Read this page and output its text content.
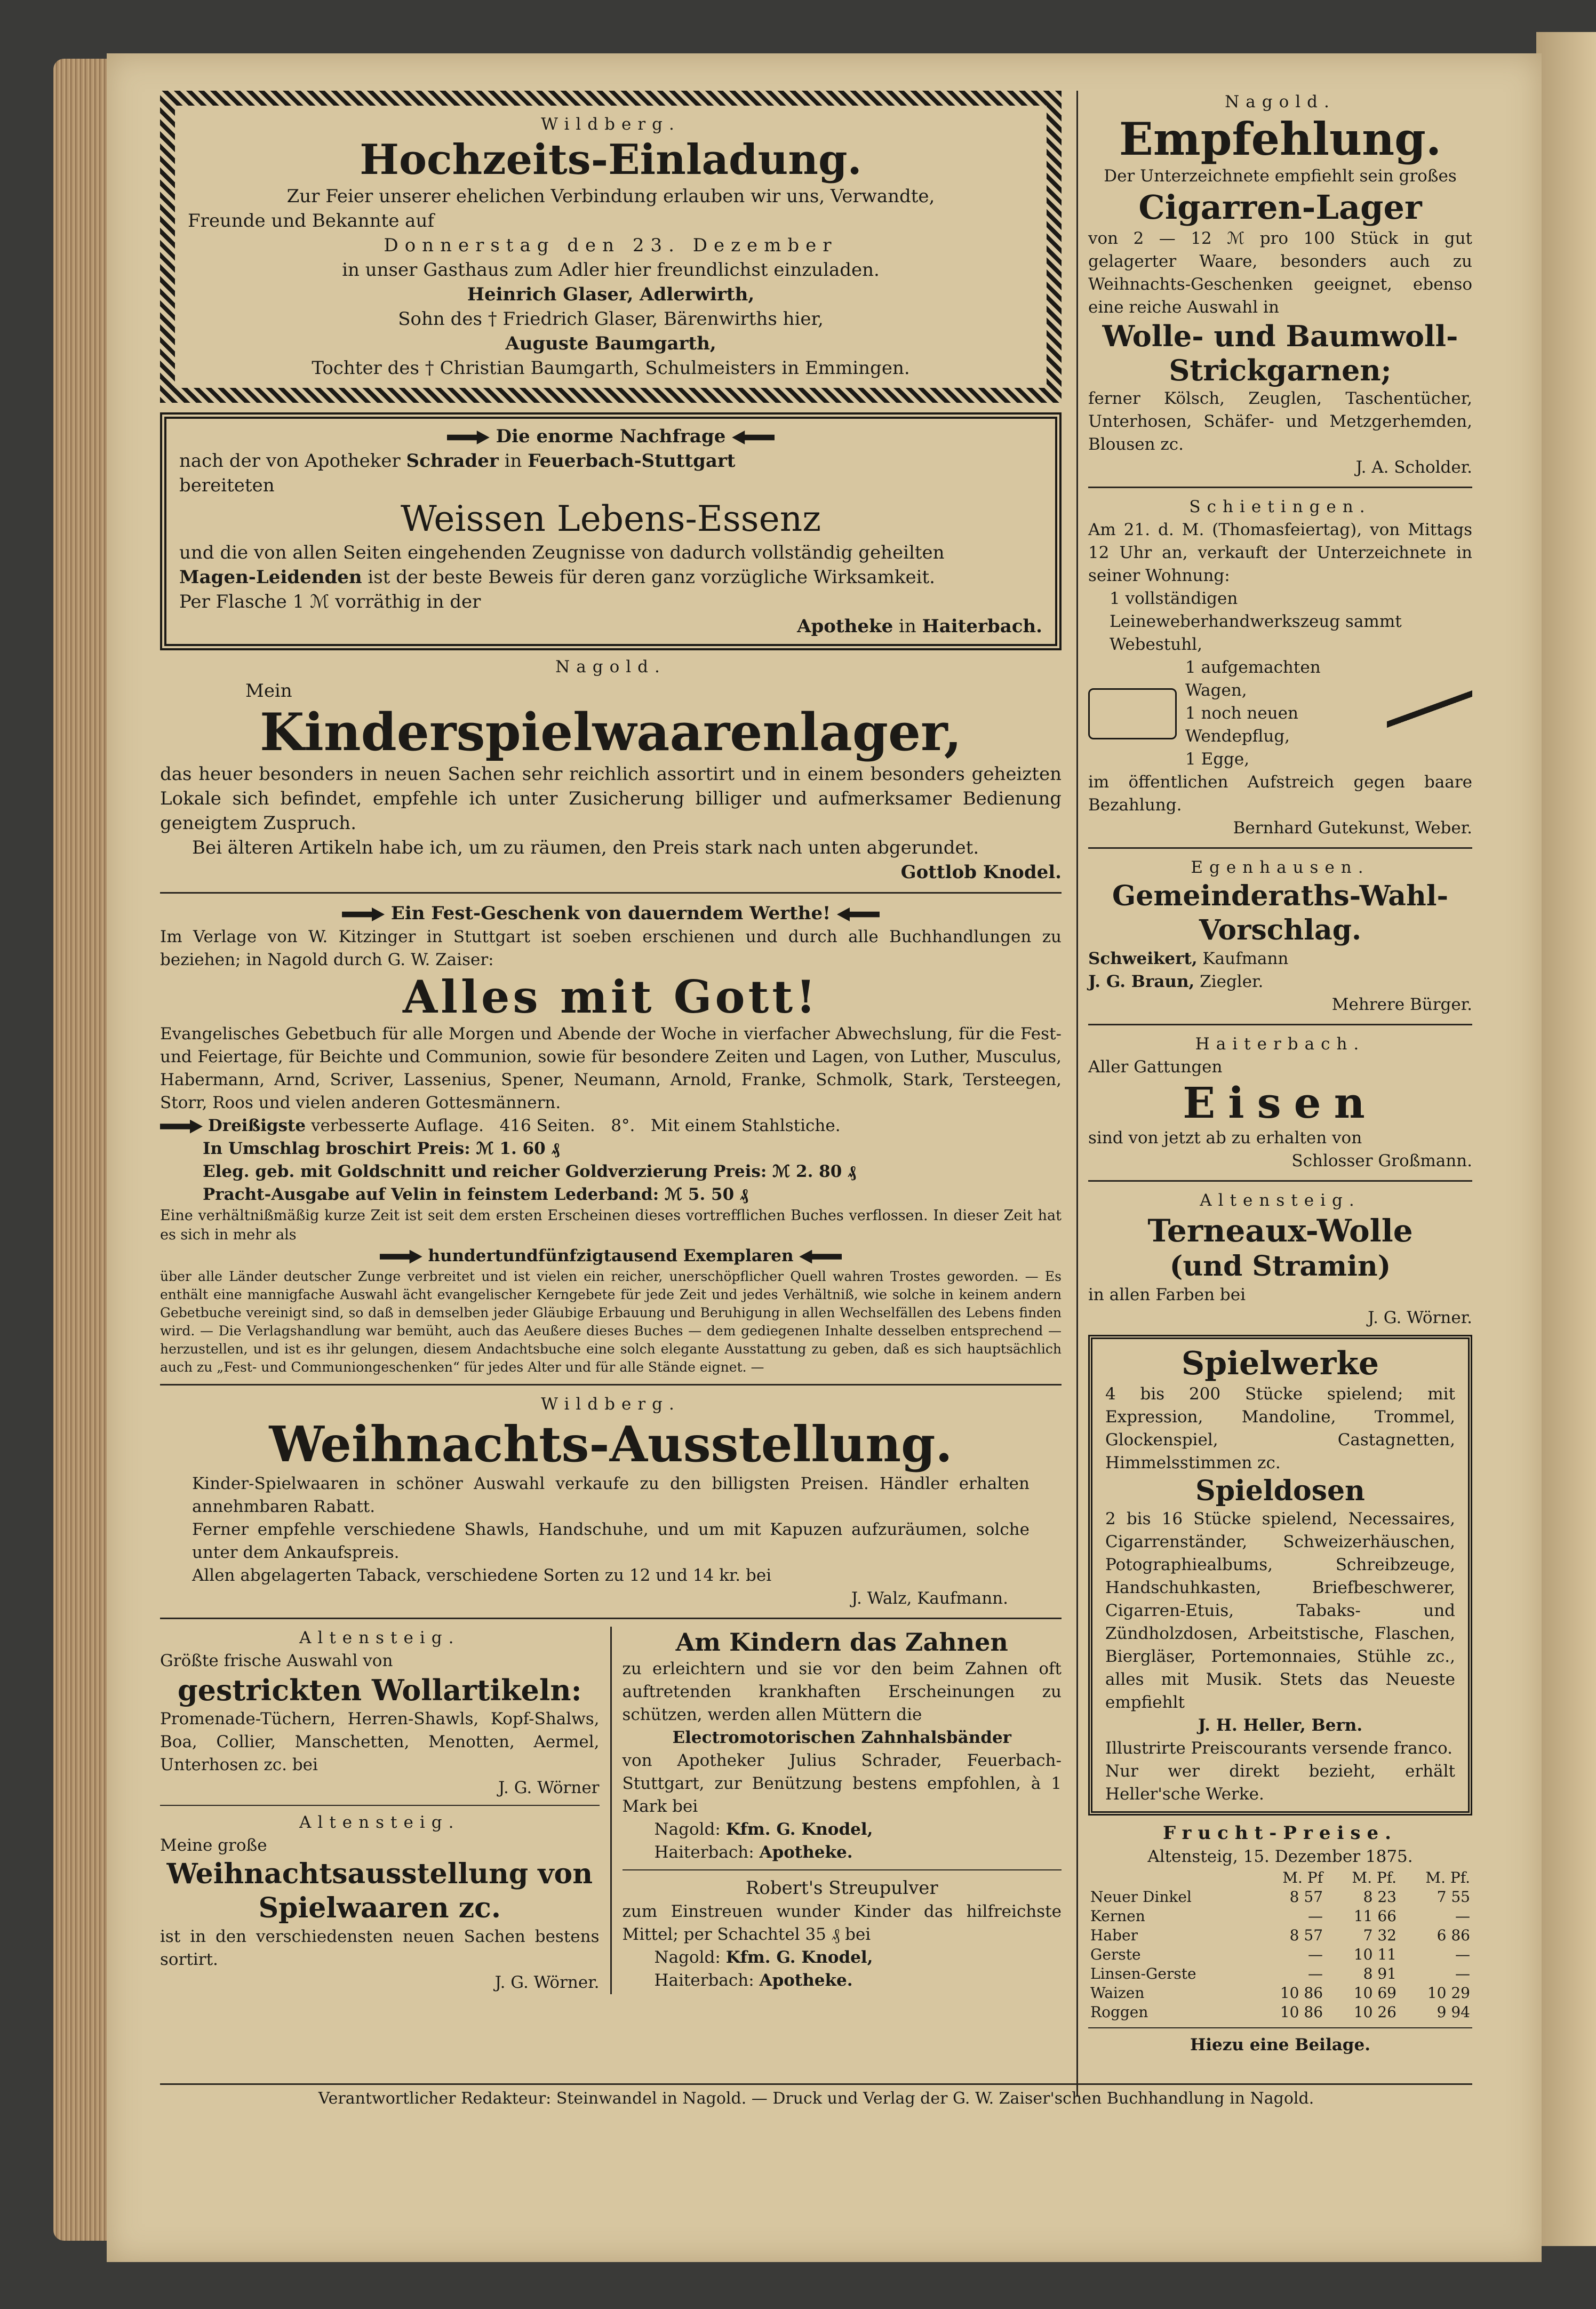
Wildberg.
Hochzeits-Einladung.
Zur Feier unserer ehelichen Verbindung erlauben wir uns, Verwandte,
Freunde und Bekannte auf
Donnerstag den 23. Dezember
in unser Gasthaus zum Adler hier freundlichst einzuladen.
Heinrich Glaser, Adlerwirth,
Sohn des † Friedrich Glaser, Bärenwirths hier,
Auguste Baumgarth,
Tochter des † Christian Baumgarth, Schulmeisters in Emmingen.
Die enorme Nachfrage
nach der von Apotheker Schrader in Feuerbach-Stuttgart
bereiteten
Weissen Lebens-Essenz
und die von allen Seiten eingehenden Zeugnisse von dadurch vollständig geheilten
Magen-Leidenden ist der beste Beweis für deren ganz vorzügliche Wirksamkeit.
Per Flasche 1 ℳ vorräthig in der
Apotheke in Haiterbach.
Nagold.
Mein
Kinderspielwaarenlager,
das heuer besonders in neuen Sachen sehr reichlich assortirt und in einem besonders geheizten Lokale sich befindet, empfehle ich unter Zusicherung billiger und aufmerksamer Bedienung geneigtem Zuspruch.
Bei älteren Artikeln habe ich, um zu räumen, den Preis stark nach unten abgerundet.
Gottlob Knodel.
Ein Fest-Geschenk von dauerndem Werthe!
Im Verlage von W. Kitzinger in Stuttgart ist soeben erschienen und durch alle Buchhandlungen zu beziehen; in Nagold durch G. W. Zaiser:
Alles mit Gott!
Evangelisches Gebetbuch für alle Morgen und Abende der Woche in vierfacher Abwechslung, für die Fest- und Feiertage, für Beichte und Communion, sowie für besondere Zeiten und Lagen, von Luther, Musculus, Habermann, Arnd, Scriver, Lassenius, Spener, Neumann, Arnold, Franke, Schmolk, Stark, Tersteegen, Storr, Roos und vielen anderen Gottesmännern.
Dreißigste verbesserte Auflage. 416 Seiten. 8°. Mit einem Stahlstiche.
In Umschlag broschirt Preis: ℳ 1. 60 ₰
Eleg. geb. mit Goldschnitt und reicher Goldverzierung Preis: ℳ 2. 80 ₰
Pracht-Ausgabe auf Velin in feinstem Lederband: ℳ 5. 50 ₰
Eine verhältnißmäßig kurze Zeit ist seit dem ersten Erscheinen dieses vortrefflichen Buches verflossen. In dieser Zeit hat es sich in mehr als
hundertundfünfzigtausend Exemplaren
über alle Länder deutscher Zunge verbreitet und ist vielen ein reicher, unerschöpflicher Quell wahren Trostes geworden. — Es enthält eine mannigfache Auswahl ächt evangelischer Kerngebete für jede Zeit und jedes Verhältniß, wie solche in keinem andern Gebetbuche vereinigt sind, so daß in demselben jeder Gläubige Erbauung und Beruhigung in allen Wechselfällen des Lebens finden wird. — Die Verlagshandlung war bemüht, auch das Aeußere dieses Buches — dem gediegenen Inhalte desselben entsprechend — herzustellen, und ist es ihr gelungen, diesem Andachtsbuche eine solch elegante Ausstattung zu geben, daß es sich hauptsächlich auch zu „Fest- und Communiongeschenken“ für jedes Alter und für alle Stände eignet. —
Wildberg.
Weihnachts-Ausstellung.
Kinder-Spielwaaren in schöner Auswahl verkaufe zu den billigsten Preisen. Händler erhalten annehmbaren Rabatt.
Ferner empfehle verschiedene Shawls, Handschuhe, und um mit Kapuzen aufzuräumen, solche unter dem Ankaufspreis.
Allen abgelagerten Taback, verschiedene Sorten zu 12 und 14 kr. bei
J. Walz, Kaufmann.
Altensteig.
Größte frische Auswahl von
gestrickten Wollartikeln:
Promenade-Tüchern, Herren-Shawls, Kopf-Shalws, Boa, Collier, Manschetten, Menotten, Aermel, Unterhosen zc. bei
J. G. Wörner
Altensteig.
Meine große
Weihnachtsausstellung von Spielwaaren zc.
ist in den verschiedensten neuen Sachen bestens sortirt.
J. G. Wörner.
Am Kindern das Zahnen
zu erleichtern und sie vor den beim Zahnen oft auftretenden krankhaften Erscheinungen zu schützen, werden allen Müttern die
Electromotorischen Zahnhalsbänder
von Apotheker Julius Schrader, Feuerbach-Stuttgart, zur Benützung bestens empfohlen, à 1 Mark bei
Nagold: Kfm. G. Knodel,
Haiterbach: Apotheke.
Robert's Streupulver
zum Einstreuen wunder Kinder das hilfreichste Mittel; per Schachtel 35 ₰ bei
Nagold: Kfm. G. Knodel,
Haiterbach: Apotheke.
Nagold.
Empfehlung.
Der Unterzeichnete empfiehlt sein großes
Cigarren-Lager
von 2 — 12 ℳ pro 100 Stück in gut gelagerter Waare, besonders auch zu Weihnachts-Geschenken geeignet, ebenso eine reiche Auswahl in
Wolle- und Baumwoll-Strickgarnen;
ferner Kölsch, Zeuglen, Taschentücher, Unterhosen, Schäfer- und Metzgerhemden, Blousen zc.
J. A. Scholder.
Schietingen.
Am 21. d. M. (Thomasfeiertag), von Mittags 12 Uhr an, verkauft der Unterzeichnete in seiner Wohnung:
1 vollständigen Leineweberhandwerkszeug sammt Webestuhl,
1 aufgemachten Wagen,
1 noch neuen Wendepflug,
1 Egge,
im öffentlichen Aufstreich gegen baare Bezahlung.
Bernhard Gutekunst, Weber.
Egenhausen.
Gemeinderaths-Wahl-Vorschlag.
Schweikert, Kaufmann
J. G. Braun, Ziegler.
Mehrere Bürger.
Haiterbach.
Aller Gattungen
Eisen
sind von jetzt ab zu erhalten von
Schlosser Großmann.
Altensteig.
Terneaux-Wolle
(und Stramin)
in allen Farben bei
J. G. Wörner.
Spielwerke
4 bis 200 Stücke spielend; mit Expression, Mandoline, Trommel, Glockenspiel, Castagnetten, Himmelsstimmen zc.
Spieldosen
2 bis 16 Stücke spielend, Necessaires, Cigarrenständer, Schweizerhäuschen, Potographiealbums, Schreibzeuge, Handschuhkasten, Briefbeschwerer, Cigarren-Etuis, Tabaks- und Zündholzdosen, Arbeitstische, Flaschen, Biergläser, Portemonnaies, Stühle zc., alles mit Musik. Stets das Neueste empfiehlt
J. H. Heller, Bern.
Illustrirte Preiscourants versende franco.
Nur wer direkt bezieht, erhält Heller'sche Werke.
Frucht-Preise.
Altensteig, 15. Dezember 1875.
	M. Pf	M. Pf.	M. Pf.
Neuer Dinkel	8 57	8 23	7 55
Kernen	—	11 66	—
Haber	8 57	7 32	6 86
Gerste	—	10 11	—
Linsen-Gerste	—	8 91	—
Waizen	10 86	10 69	10 29
Roggen	10 86	10 26	9 94
Hiezu eine Beilage.
Verantwortlicher Redakteur: Steinwandel in Nagold. — Druck und Verlag der G. W. Zaiser'schen Buchhandlung in Nagold.
